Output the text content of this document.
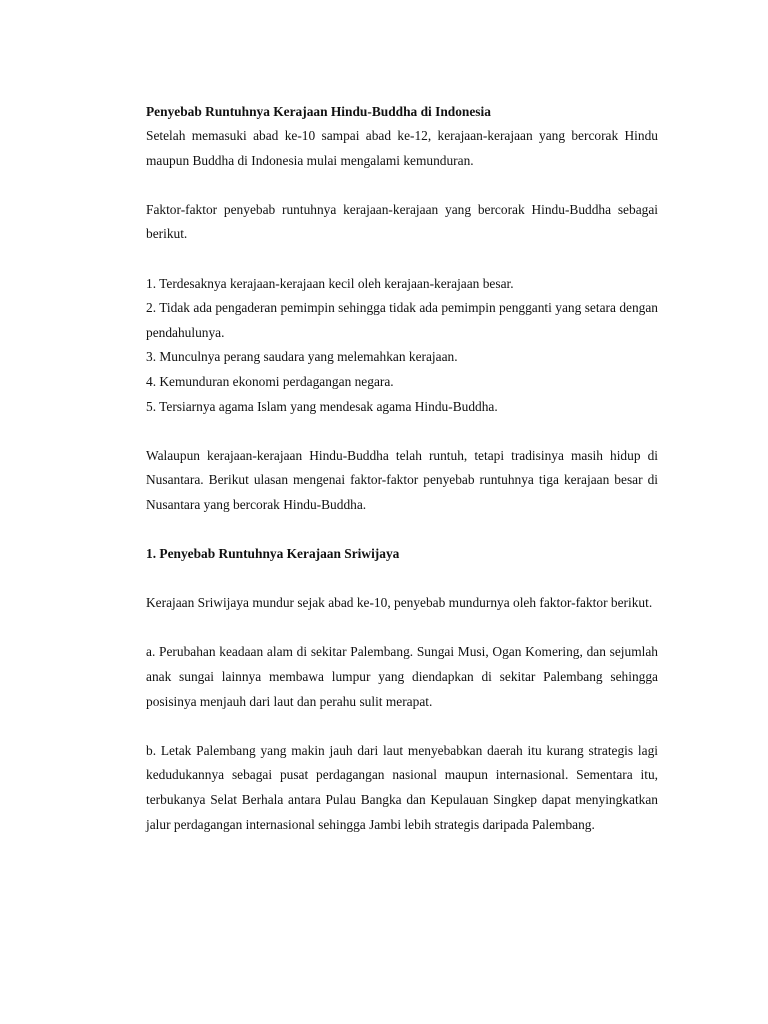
Penyebab Runtuhnya Kerajaan Hindu-Buddha di Indonesia

Setelah memasuki abad ke-10 sampai abad ke-12, kerajaan-kerajaan yang bercorak Hindu maupun Buddha di Indonesia mulai mengalami kemunduran.

Faktor-faktor penyebab runtuhnya kerajaan-kerajaan yang bercorak Hindu-Buddha sebagai berikut.

1. Terdesaknya kerajaan-kerajaan kecil oleh kerajaan-kerajaan besar.

2. Tidak ada pengaderan pemimpin sehingga tidak ada pemimpin pengganti yang setara dengan pendahulunya.

3. Munculnya perang saudara yang melemahkan kerajaan.

4. Kemunduran ekonomi perdagangan negara.

5. Tersiarnya agama Islam yang mendesak agama Hindu-Buddha.

Walaupun kerajaan-kerajaan Hindu-Buddha telah runtuh, tetapi tradisinya masih hidup di Nusantara. Berikut ulasan mengenai faktor-faktor penyebab runtuhnya tiga kerajaan besar di Nusantara yang bercorak Hindu-Buddha.

1. Penyebab Runtuhnya Kerajaan Sriwijaya

Kerajaan Sriwijaya mundur sejak abad ke-10, penyebab mundurnya oleh faktor-faktor berikut.

a. Perubahan keadaan alam di sekitar Palembang. Sungai Musi, Ogan Komering, dan sejumlah anak sungai lainnya membawa lumpur yang diendapkan di sekitar Palembang sehingga posisinya menjauh dari laut dan perahu sulit merapat.

b. Letak Palembang yang makin jauh dari laut menyebabkan daerah itu kurang strategis lagi kedudukannya sebagai pusat perdagangan nasional maupun internasional. Sementara itu, terbukanya Selat Berhala antara Pulau Bangka dan Kepulauan Singkep dapat menyingkatkan jalur perdagangan internasional sehingga Jambi lebih strategis daripada Palembang.
